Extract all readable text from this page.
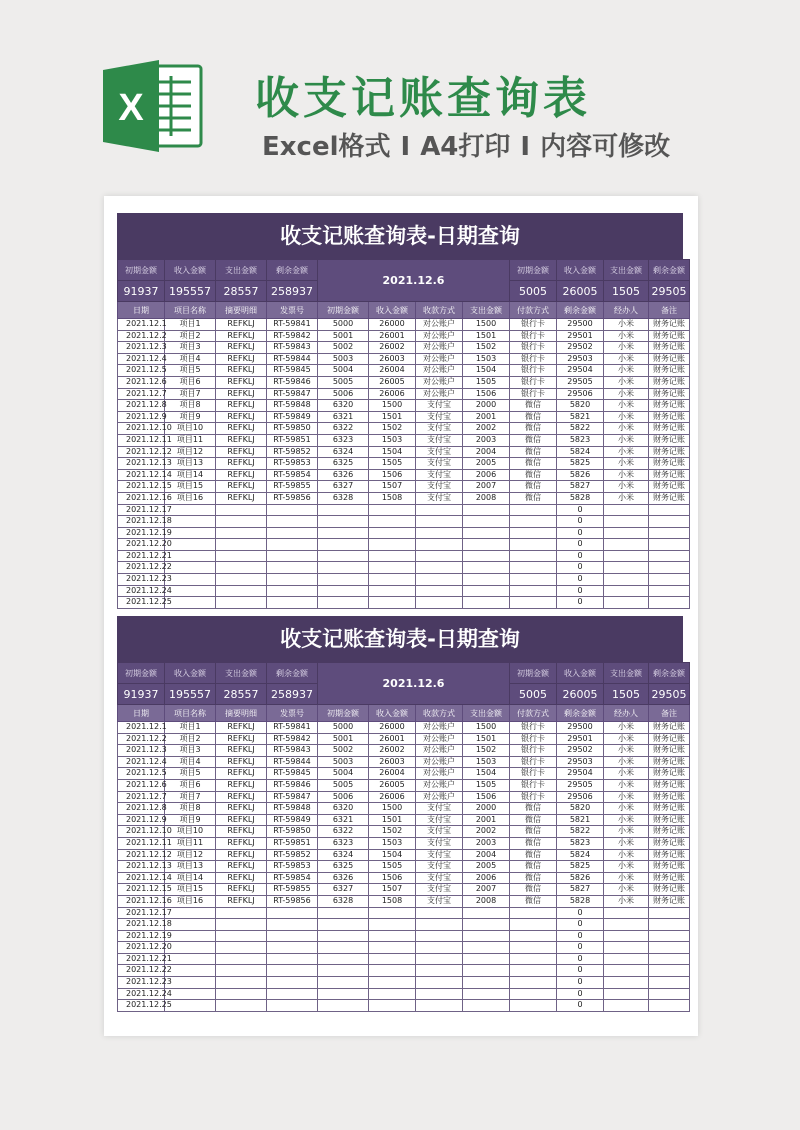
X	收支记账查询表
Excel格式 I A4打印 I 内容可修改
收支记账查询表-日期查询
初期金额	收入金额	支出金额	剩余金额	2021.12.6				初期金额	收入金额	支出金额	剩余金额
91937	195557	28557	258937					5005	26005	1505	29505
日期	项目名称	摘要明细	发票号	初期金额	收入金额	收款方式	支出金额	付款方式	剩余金额	经办人	备注
2021.12.1	项目1	REFKLJ	RT-59841	5000	26000	对公账户	1500	银行卡	29500	小米	财务记账
2021.12.2	项目2	REFKLJ	RT-59842	5001	26001	对公账户	1501	银行卡	29501	小米	财务记账
2021.12.3	项目3	REFKLJ	RT-59843	5002	26002	对公账户	1502	银行卡	29502	小米	财务记账
2021.12.4	项目4	REFKLJ	RT-59844	5003	26003	对公账户	1503	银行卡	29503	小米	财务记账
2021.12.5	项目5	REFKLJ	RT-59845	5004	26004	对公账户	1504	银行卡	29504	小米	财务记账
2021.12.6	项目6	REFKLJ	RT-59846	5005	26005	对公账户	1505	银行卡	29505	小米	财务记账
2021.12.7	项目7	REFKLJ	RT-59847	5006	26006	对公账户	1506	银行卡	29506	小米	财务记账
2021.12.8	项目8	REFKLJ	RT-59848	6320	1500	支付宝	2000	微信	5820	小米	财务记账
2021.12.9	项目9	REFKLJ	RT-59849	6321	1501	支付宝	2001	微信	5821	小米	财务记账
2021.12.10	项目10	REFKLJ	RT-59850	6322	1502	支付宝	2002	微信	5822	小米	财务记账
2021.12.11	项目11	REFKLJ	RT-59851	6323	1503	支付宝	2003	微信	5823	小米	财务记账
2021.12.12	项目12	REFKLJ	RT-59852	6324	1504	支付宝	2004	微信	5824	小米	财务记账
2021.12.13	项目13	REFKLJ	RT-59853	6325	1505	支付宝	2005	微信	5825	小米	财务记账
2021.12.14	项目14	REFKLJ	RT-59854	6326	1506	支付宝	2006	微信	5826	小米	财务记账
2021.12.15	项目15	REFKLJ	RT-59855	6327	1507	支付宝	2007	微信	5827	小米	财务记账
2021.12.16	项目16	REFKLJ	RT-59856	6328	1508	支付宝	2008	微信	5828	小米	财务记账
2021.12.17									0		
2021.12.18									0		
2021.12.19									0		
2021.12.20									0		
2021.12.21									0		
2021.12.22									0		
2021.12.23									0		
2021.12.24									0		
2021.12.25									0		
收支记账查询表-日期查询
初期金额	收入金额	支出金额	剩余金额	2021.12.6				初期金额	收入金额	支出金额	剩余金额
91937	195557	28557	258937					5005	26005	1505	29505
日期	项目名称	摘要明细	发票号	初期金额	收入金额	收款方式	支出金额	付款方式	剩余金额	经办人	备注
2021.12.1	项目1	REFKLJ	RT-59841	5000	26000	对公账户	1500	银行卡	29500	小米	财务记账
2021.12.2	项目2	REFKLJ	RT-59842	5001	26001	对公账户	1501	银行卡	29501	小米	财务记账
2021.12.3	项目3	REFKLJ	RT-59843	5002	26002	对公账户	1502	银行卡	29502	小米	财务记账
2021.12.4	项目4	REFKLJ	RT-59844	5003	26003	对公账户	1503	银行卡	29503	小米	财务记账
2021.12.5	项目5	REFKLJ	RT-59845	5004	26004	对公账户	1504	银行卡	29504	小米	财务记账
2021.12.6	项目6	REFKLJ	RT-59846	5005	26005	对公账户	1505	银行卡	29505	小米	财务记账
2021.12.7	项目7	REFKLJ	RT-59847	5006	26006	对公账户	1506	银行卡	29506	小米	财务记账
2021.12.8	项目8	REFKLJ	RT-59848	6320	1500	支付宝	2000	微信	5820	小米	财务记账
2021.12.9	项目9	REFKLJ	RT-59849	6321	1501	支付宝	2001	微信	5821	小米	财务记账
2021.12.10	项目10	REFKLJ	RT-59850	6322	1502	支付宝	2002	微信	5822	小米	财务记账
2021.12.11	项目11	REFKLJ	RT-59851	6323	1503	支付宝	2003	微信	5823	小米	财务记账
2021.12.12	项目12	REFKLJ	RT-59852	6324	1504	支付宝	2004	微信	5824	小米	财务记账
2021.12.13	项目13	REFKLJ	RT-59853	6325	1505	支付宝	2005	微信	5825	小米	财务记账
2021.12.14	项目14	REFKLJ	RT-59854	6326	1506	支付宝	2006	微信	5826	小米	财务记账
2021.12.15	项目15	REFKLJ	RT-59855	6327	1507	支付宝	2007	微信	5827	小米	财务记账
2021.12.16	项目16	REFKLJ	RT-59856	6328	1508	支付宝	2008	微信	5828	小米	财务记账
2021.12.17									0		
2021.12.18									0		
2021.12.19									0		
2021.12.20									0		
2021.12.21									0		
2021.12.22									0		
2021.12.23									0		
2021.12.24									0		
2021.12.25									0		
